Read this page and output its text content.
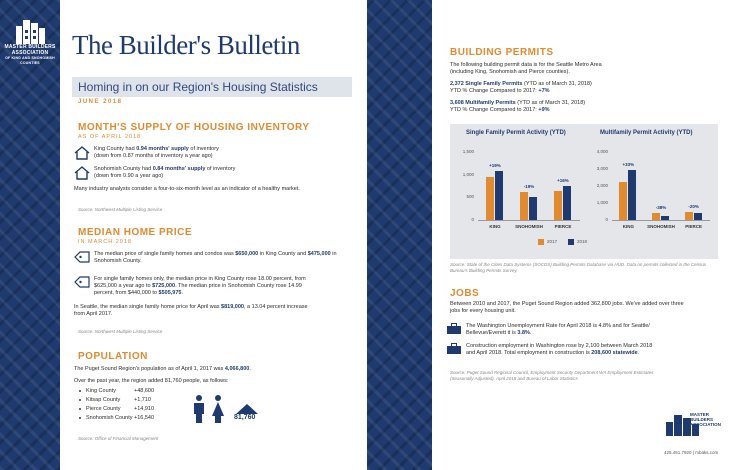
MASTER BUILDERS
ASSOCIATION
OF KING AND SNOHOMISH COUNTIES
The Builder's Bulletin
Homing in on our Region's Housing Statistics
JUNE 2018
MONTH'S SUPPLY OF HOUSING INVENTORY
AS OF APRIL 2018
King County had 0.94 months' supply of inventory
(down from 0.87 months of inventory a year ago)
Snohomish County had 0.84 months' supply of inventory
(down from 0.90 a year ago)
Many industry analysts consider a four-to-six-month level as an indicator of a healthy market.
Source: Northwest Multiple Listing Service
MEDIAN HOME PRICE
IN MARCH 2018
The median price of single family homes and condos was $650,000 in King County and $475,000 in Snohomish County.
For single family homes only, the median price in King County rose 18.00 percent, from
$625,000 a year ago to $725,000. The median price in Snohomish County rose 14.99
percent, from $440,000 to $505,975.
In Seattle, the median single family home price for April was $819,000, a 13.04 percent increase
from April 2017.
Source: Northwest Multiple Listing Service
POPULATION
The Puget Sound Region's population as of April 1, 2017 was 4,066,800.
Over the past year, the region added 81,760 people, as follows:
King County	+48,600
Kitsap County	+1,710
Pierce County +14,910
Snohomish County +16,540	81,760
Source: Office of Financial Management
BUILDING PERMITS
The following building permit data is for the Seattle Metro Area
(including King, Snohomish and Pierce counties).
2,372 Single Family Permits (YTD as of March 31, 2018)
YTD % Change Compared to 2017: +7%
3,608 Multifamily Permits (YTD as of March 31, 2018)
YTD % Change Compared to 2017: +9%
Source: State of the Cities Data Systems (SOCDS) Building Permits Database via HUD. Data on permits collected in the Census
Bureau's Building Permits Survey.
JOBS
Between 2010 and 2017, the Puget Sound Region added 362,800 jobs. We've added over three
jobs for every housing unit.
The Washington Unemployment Rate for April 2018 is 4.8% and for Seattle/
Bellevue/Everett it is 3.8%.
Construction employment in Washington rose by 2,100 between March 2018
and April 2018. Total employment in construction is 208,600 statewide.
Source: Puget Sound Regional Council, Employment Security Department WA Employment Estimates
(Seasonally Adjusted), April 2018 and Bureau of Labor Statistics
MASTER BUILDERS
ASSOCIATION
425.451.7920 | mbaks.com
Single Family Permit Activity (YTD)
0
500
1,000
1,500
+19%
KING
-19%
SNOHOMISH
+16%
PIERCE
Multifamily Permit Activity (YTD)
0
1,000
2,000
3,000
4,000
+33%
KING
-38%
SNOHOMISH
-20%
PIERCE
2017	2018
